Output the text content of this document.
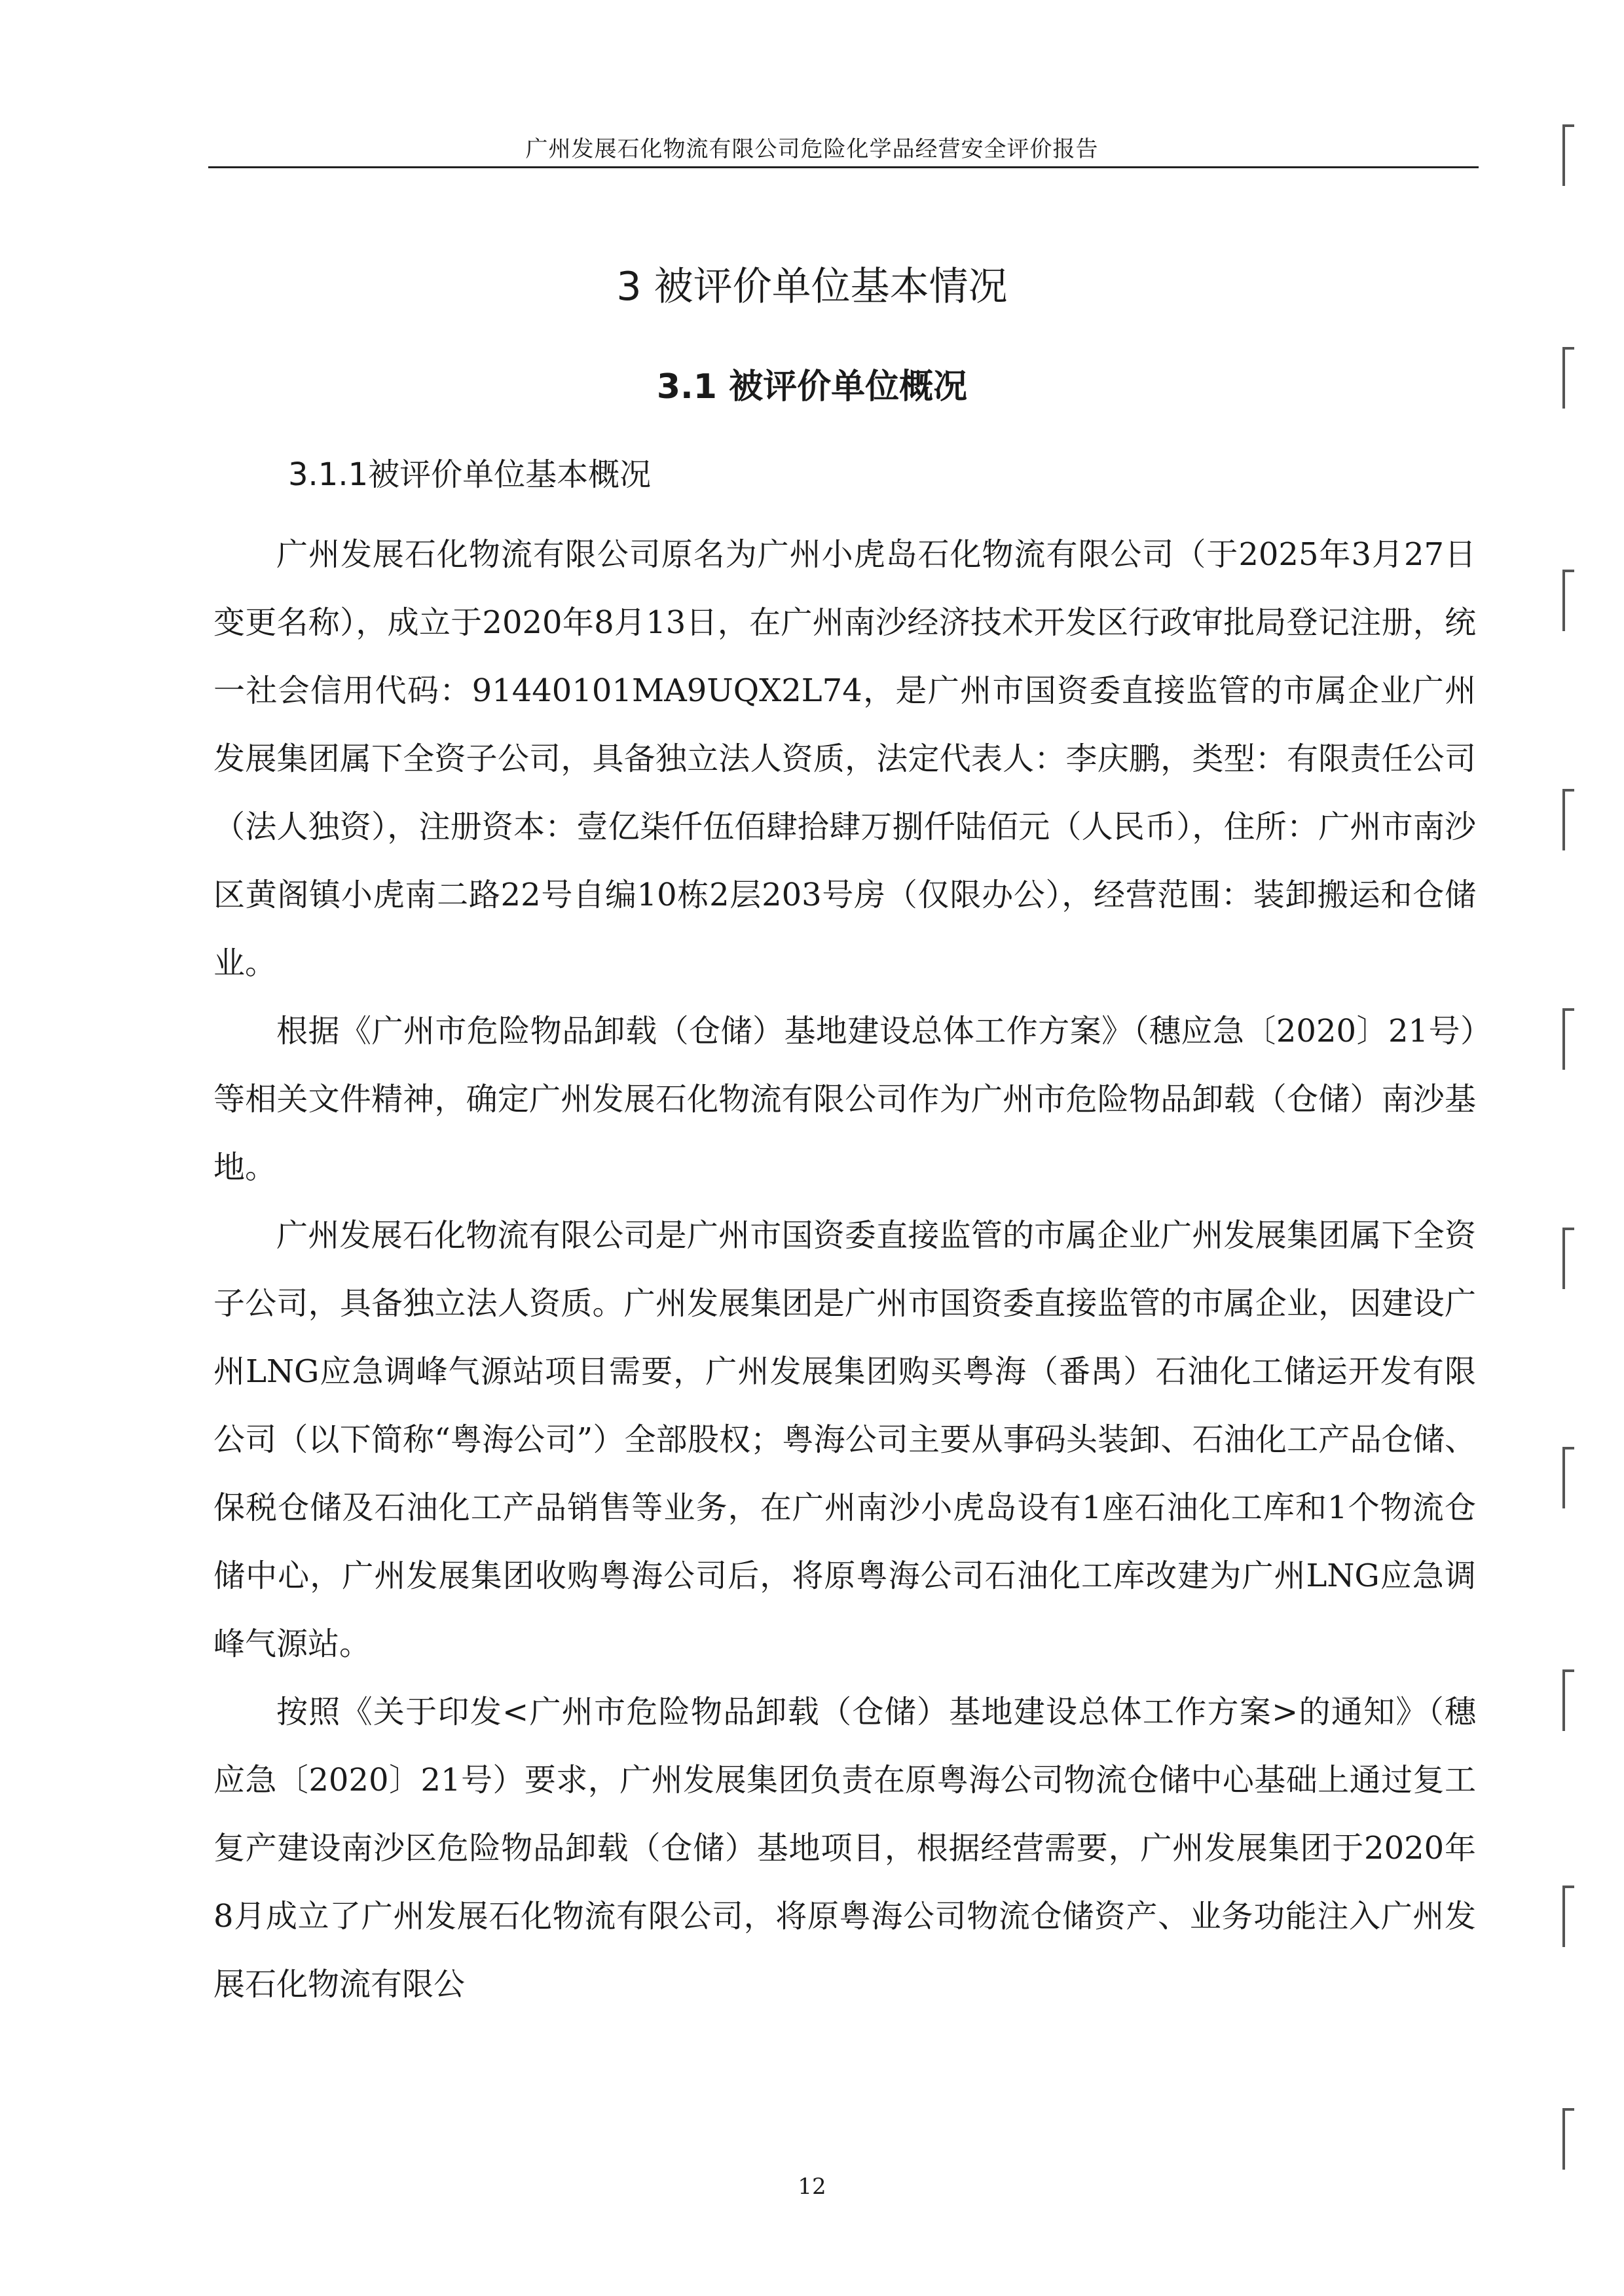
广州发展石化物流有限公司危险化学品经营安全评价报告
3 被评价单位基本情况
3.1 被评价单位概况
3.1.1被评价单位基本概况

广州发展石化物流有限公司原名为广州小虎岛石化物流有限公司（于2025年3月27日变更名称），成立于2020年8月13日，在广州南沙经济技术开发区行政审批局登记注册，统一社会信用代码：91440101MA9UQX2L74，是广州市国资委直接监管的市属企业广州发展集团属下全资子公司，具备独立法人资质，法定代表人：李庆鹏，类型：有限责任公司（法人独资），注册资本：壹亿柒仟伍佰肆拾肆万捌仟陆佰元（人民币），住所：广州市南沙区黄阁镇小虎南二路22号自编10栋2层203号房（仅限办公），经营范围：装卸搬运和仓储业。

根据《广州市危险物品卸载（仓储）基地建设总体工作方案》（穗应急〔2020〕21号）等相关文件精神，确定广州发展石化物流有限公司作为广州市危险物品卸载（仓储）南沙基地。

广州发展石化物流有限公司是广州市国资委直接监管的市属企业广州发展集团属下全资子公司，具备独立法人资质。广州发展集团是广州市国资委直接监管的市属企业，因建设广州LNG应急调峰气源站项目需要，广州发展集团购买粤海（番禺）石油化工储运开发有限公司（以下简称“粤海公司”）全部股权；粤海公司主要从事码头装卸、石油化工产品仓储、保税仓储及石油化工产品销售等业务，在广州南沙小虎岛设有1座石油化工库和1个物流仓储中心，广州发展集团收购粤海公司后，将原粤海公司石油化工库改建为广州LNG应急调峰气源站。

按照《关于印发<广州市危险物品卸载（仓储）基地建设总体工作方案>的通知》（穗应急〔2020〕21号）要求，广州发展集团负责在原粤海公司物流仓储中心基础上通过复工复产建设南沙区危险物品卸载（仓储）基地项目，根据经营需要，广州发展集团于2020年8月成立了广州发展石化物流有限公司，将原粤海公司物流仓储资产、业务功能注入广州发展石化物流有限公

12
